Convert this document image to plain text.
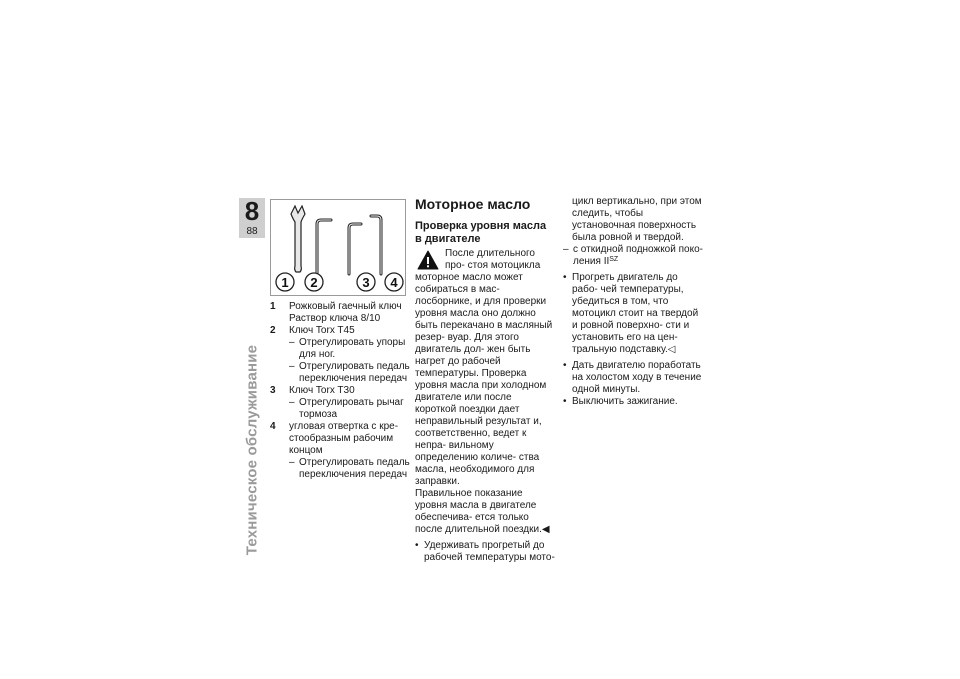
8
88
Техническое обслуживание
1 2	3 4
1	Рожковый гаечный ключ
Раствор ключа 8/10
2	Ключ Torx T45
– Отрегулировать упоры для ног.
– Отрегулировать педаль переключения передач
3	Ключ Torx T30
– Отрегулировать рычаг тормоза
4	угловая отвертка с кре-
стообразным рабочим
концом
– Отрегулировать педаль переключения передач
Моторное масло
Проверка уровня масла в двигателе

После длительного про- стоя мотоцикла моторное масло может собираться в мас- лосборнике, и для проверки уровня масла оно должно быть перекачано в масляный резер- вуар. Для этого двигатель дол- жен быть нагрет до рабочей температуры. Проверка уровня масла при холодном двигателе или после короткой поездки дает неправильный результат и, соответственно, ведет к непра- вильному определению количе- ства масла, необходимого для заправки.

Правильное показание уровня масла в двигателе обеспечива- ется только после длительной поездки.◀

• Удерживать прогретый до рабочей температуры мото-
цикл вертикально, при этом следить, чтобы установочная поверхность была ровной и твердой.
– с откидной подножкой поко- ления $II^{SZ}$
• Прогреть двигатель до рабо- чей температуры, убедиться в том, что мотоцикл стоит на твердой и ровной поверхно- сти и установить его на цен- тральную подставку.◁
• Дать двигателю поработать на холостом ходу в течение одной минуты.
• Выключить зажигание.
